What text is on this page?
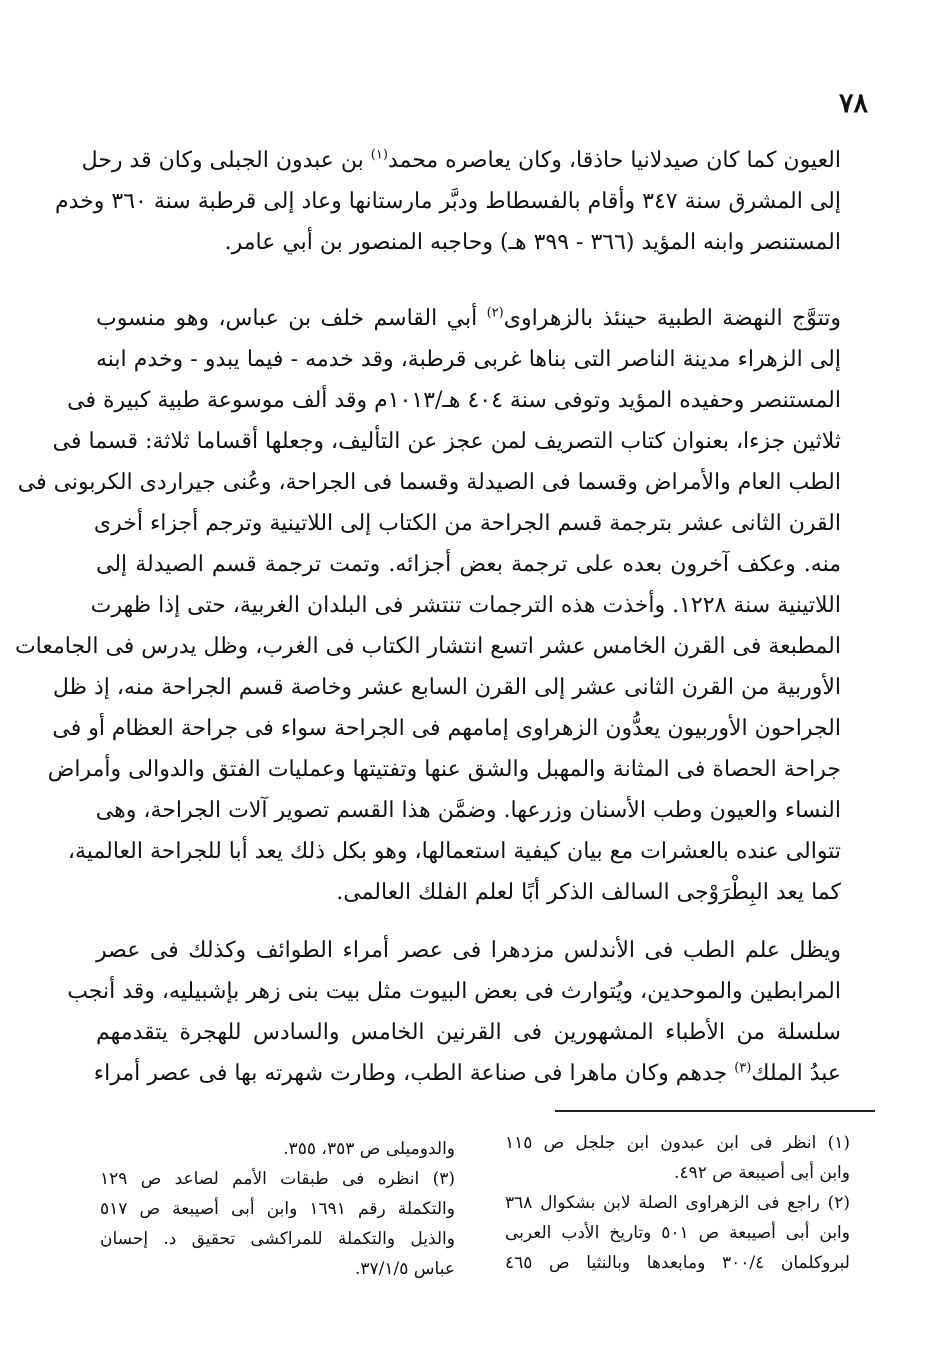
٧٨
العيون كما كان صيدلانيا حاذقا، وكان يعاصره محمد$^{(١)}$ بن عبدون الجبلى وكان قد رحل
إلى المشرق سنة ٣٤٧ وأقام بالفسطاط ودبَّر مارستانها وعاد إلى قرطبة سنة ٣٦٠ وخدم
المستنصر وابنه المؤيد (٣٦٦ - ٣٩٩ هـ) وحاجبه المنصور بن أبي عامر.
وتتوَّج النهضة الطبية حينئذ بالزهراوى$^{(٢)}$ أبي القاسم خلف بن عباس، وهو منسوب
إلى الزهراء مدينة الناصر التى بناها غربى قرطبة، وقد خدمه - فيما يبدو - وخدم ابنه
المستنصر وحفيده المؤيد وتوفى سنة ٤٠٤ هـ/١٠١٣م وقد ألف موسوعة طبية كبيرة فى
ثلاثين جزءا، بعنوان كتاب التصريف لمن عجز عن التأليف، وجعلها أقساما ثلاثة: قسما فى
الطب العام والأمراض وقسما فى الصيدلة وقسما فى الجراحة، وعُنى جيراردى الكربونى فى
القرن الثانى عشر بترجمة قسم الجراحة من الكتاب إلى اللاتينية وترجم أجزاء أخرى
منه. وعكف آخرون بعده على ترجمة بعض أجزائه. وتمت ترجمة قسم الصيدلة إلى
اللاتينية سنة ١٢٢٨. وأخذت هذه الترجمات تنتشر فى البلدان الغربية، حتى إذا ظهرت
المطبعة فى القرن الخامس عشر اتسع انتشار الكتاب فى الغرب، وظل يدرس فى الجامعات
الأوربية من القرن الثانى عشر إلى القرن السابع عشر وخاصة قسم الجراحة منه، إذ ظل
الجراحون الأوربيون يعدُّون الزهراوى إمامهم فى الجراحة سواء فى جراحة العظام أو فى
جراحة الحصاة فى المثانة والمهبل والشق عنها وتفتيتها وعمليات الفتق والدوالى وأمراض
النساء والعيون وطب الأسنان وزرعها. وضمَّن هذا القسم تصوير آلات الجراحة، وهى
تتوالى عنده بالعشرات مع بيان كيفية استعمالها، وهو بكل ذلك يعد أبا للجراحة العالمية،
كما يعد البِطْرَوْجى السالف الذكر أبًا لعلم الفلك العالمى.
ويظل علم الطب فى الأندلس مزدهرا فى عصر أمراء الطوائف وكذلك فى عصر
المرابطين والموحدين، ويُتوارث فى بعض البيوت مثل بيت بنى زهر بإشبيليه، وقد أنجب
سلسلة من الأطباء المشهورين فى القرنين الخامس والسادس للهجرة يتقدمهم
عبدُ الملك$^{(٣)}$ جدهم وكان ماهرا فى صناعة الطب، وطارت شهرته بها فى عصر أمراء
(١) انظر فى ابن عبدون ابن جلجل ص ١١٥
وابن أبى أصيبعة ص ٤٩٢.
(٢) راجع فى الزهراوى الصلة لابن بشكوال ٣٦٨
وابن أبى أصيبعة ص ٥٠١ وتاريخ الأدب العربى
لبروكلمان ٣٠٠/٤ ومابعدها وبالنثيا ص ٤٦٥
والدوميلى ص ٣٥٣، ٣٥٥.
(٣) انظره فى طبقات الأمم لصاعد ص ١٢٩
والتكملة رقم ١٦٩١ وابن أبى أصيبعة ص ٥١٧
والذيل والتكملة للمراكشى تحقيق د. إحسان
عباس ٣٧/١/٥.
